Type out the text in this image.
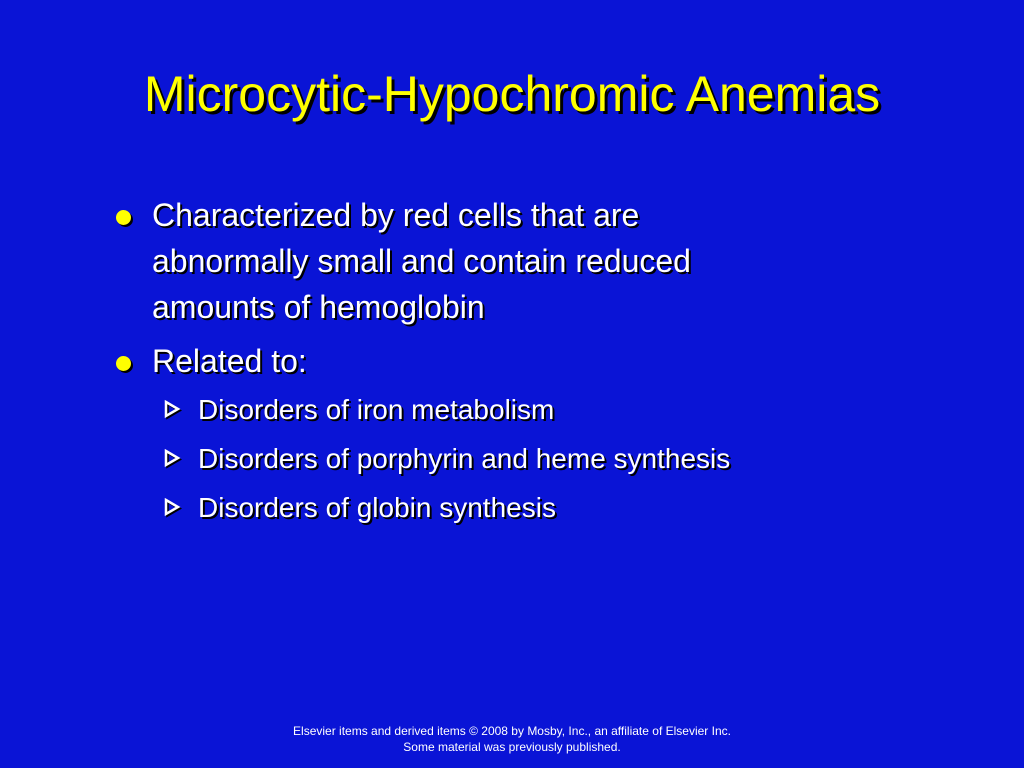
Microcytic-Hypochromic Anemias
Characterized by red cells that are
abnormally small and contain reduced
amounts of hemoglobin
Related to:
Disorders of iron metabolism
Disorders of porphyrin and heme synthesis
Disorders of globin synthesis
Elsevier items and derived items © 2008 by Mosby, Inc., an affiliate of Elsevier Inc.
Some material was previously published.
